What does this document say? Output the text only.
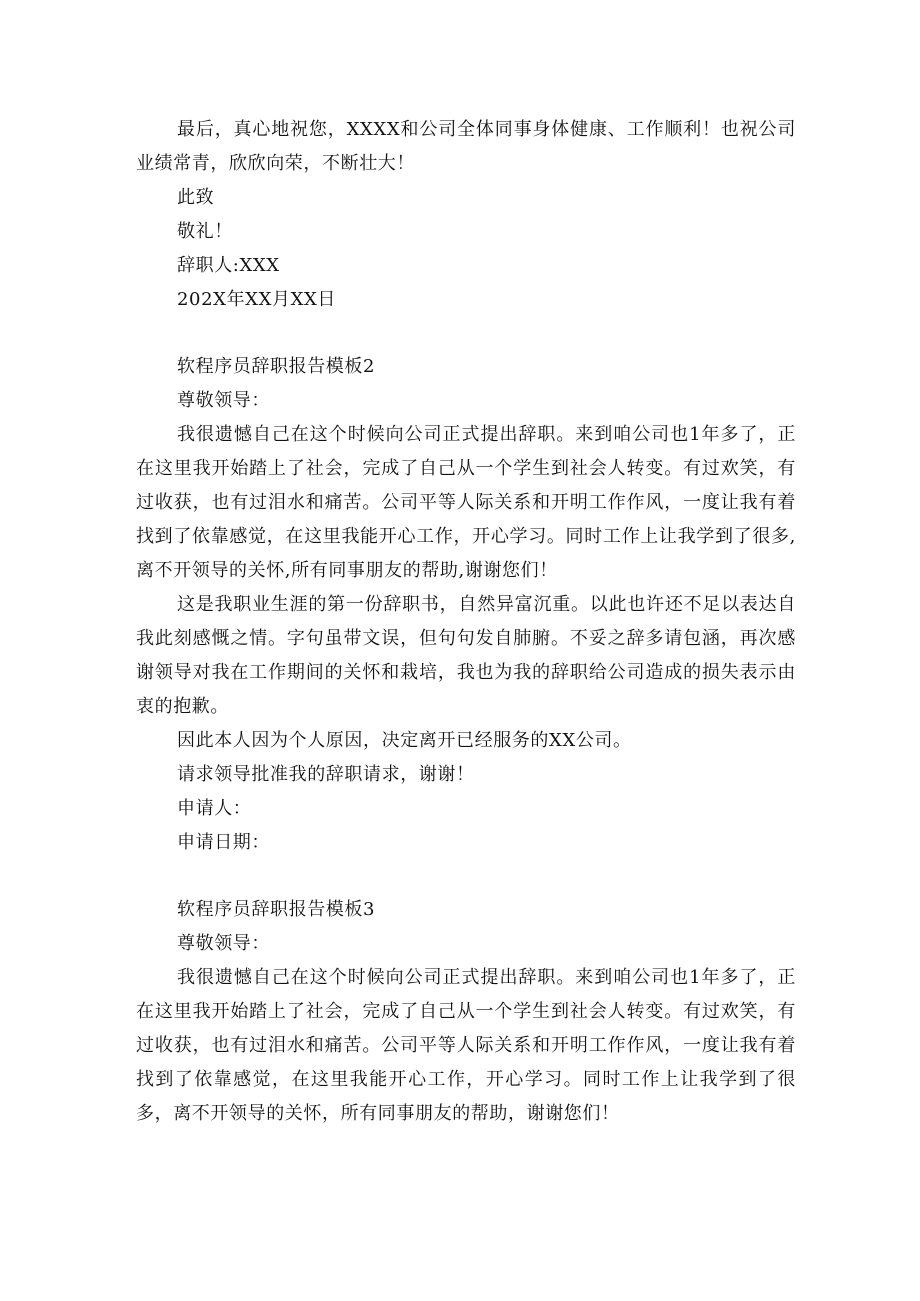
最后，真心地祝您，XXXX和公司全体同事身体健康、工作顺利！也祝公司业绩常青，欣欣向荣，不断壮大！

此致
敬礼！
辞职人:XXX
202X年XX月XX日
软程序员辞职报告模板2
尊敬领导：

我很遗憾自己在这个时候向公司正式提出辞职。来到咱公司也1年多了，正在这里我开始踏上了社会，完成了自己从一个学生到社会人转变。有过欢笑，有过收获，也有过泪水和痛苦。公司平等人际关系和开明工作作风，一度让我有着找到了依靠感觉，在这里我能开心工作，开心学习。同时工作上让我学到了很多,离不开领导的关怀,所有同事朋友的帮助,谢谢您们！

这是我职业生涯的第一份辞职书，自然异富沉重。以此也许还不足以表达自我此刻感慨之情。字句虽带文误，但句句发自肺腑。不妥之辞多请包涵，再次感谢领导对我在工作期间的关怀和栽培，我也为我的辞职给公司造成的损失表示由衷的抱歉。

因此本人因为个人原因，决定离开已经服务的XX公司。
请求领导批准我的辞职请求，谢谢！
申请人：
申请日期：
软程序员辞职报告模板3
尊敬领导：

我很遗憾自己在这个时候向公司正式提出辞职。来到咱公司也1年多了，正在这里我开始踏上了社会，完成了自己从一个学生到社会人转变。有过欢笑，有过收获，也有过泪水和痛苦。公司平等人际关系和开明工作作风，一度让我有着找到了依靠感觉，在这里我能开心工作，开心学习。同时工作上让我学到了很多，离不开领导的关怀，所有同事朋友的帮助，谢谢您们！
